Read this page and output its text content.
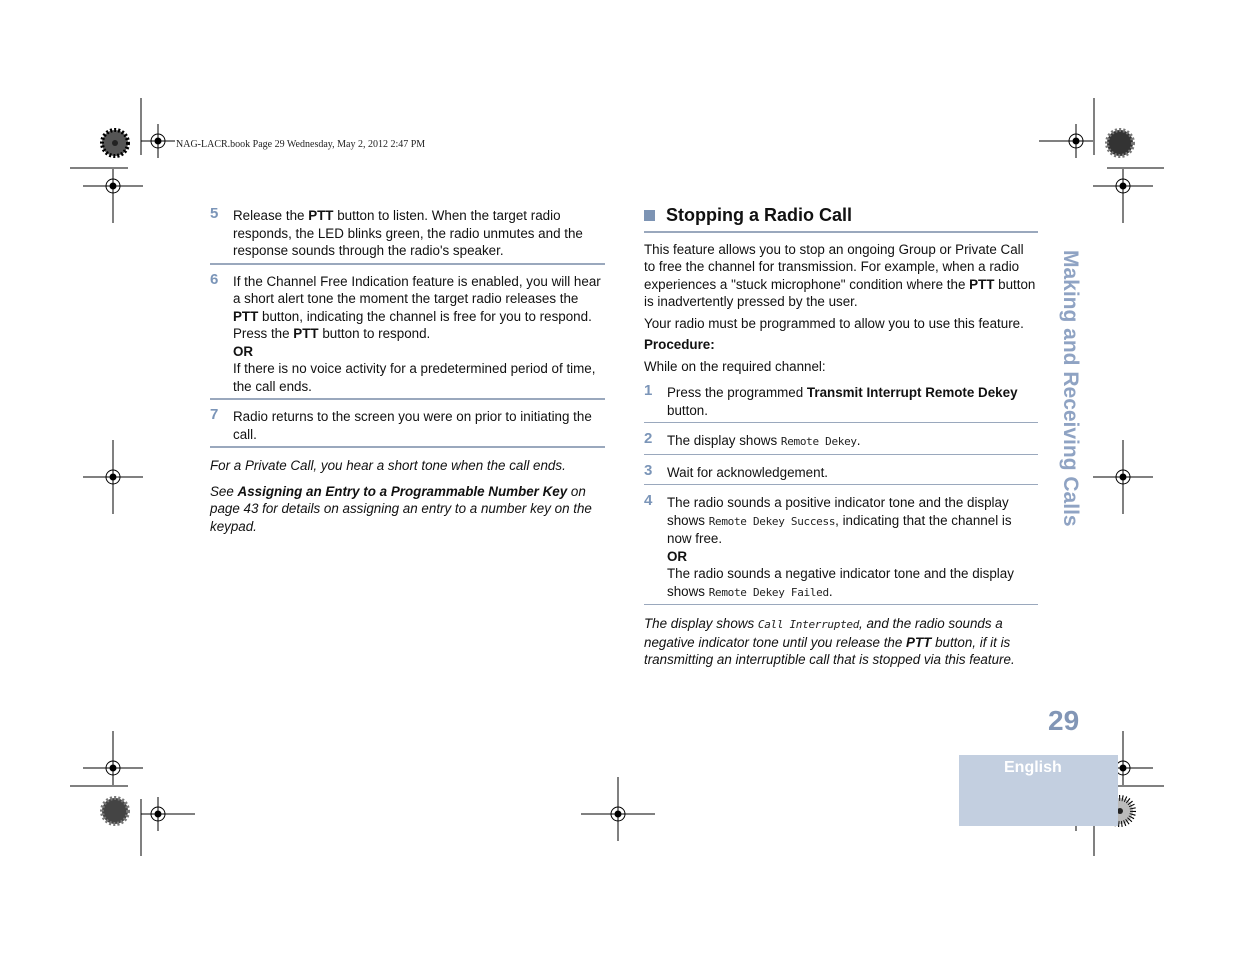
NAG-LACR.book Page 29 Wednesday, May 2, 2012 2:47 PM
5 Release the PTT button to listen. When the target radio responds, the LED blinks green, the radio unmutes and the response sounds through the radio's speaker.
6 If the Channel Free Indication feature is enabled, you will hear a short alert tone the moment the target radio releases the PTT button, indicating the channel is free for you to respond. Press the PTT button to respond.
OR
If there is no voice activity for a predetermined period of time, the call ends.
7 Radio returns to the screen you were on prior to initiating the call.
For a Private Call, you hear a short tone when the call ends.
See Assigning an Entry to a Programmable Number Key on page 43 for details on assigning an entry to a number key on the keypad.
Stopping a Radio Call
This feature allows you to stop an ongoing Group or Private Call to free the channel for transmission. For example, when a radio experiences a "stuck microphone" condition where the PTT button is inadvertently pressed by the user.
Your radio must be programmed to allow you to use this feature.
Procedure:
While on the required channel:
1 Press the programmed Transmit Interrupt Remote Dekey button.
2 The display shows Remote Dekey.
3 Wait for acknowledgement.
4 The radio sounds a positive indicator tone and the display shows Remote Dekey Success, indicating that the channel is now free.
OR
The radio sounds a negative indicator tone and the display shows Remote Dekey Failed.
The display shows Call Interrupted, and the radio sounds a negative indicator tone until you release the PTT button, if it is transmitting an interruptible call that is stopped via this feature.
Making and Receiving Calls
29
English
